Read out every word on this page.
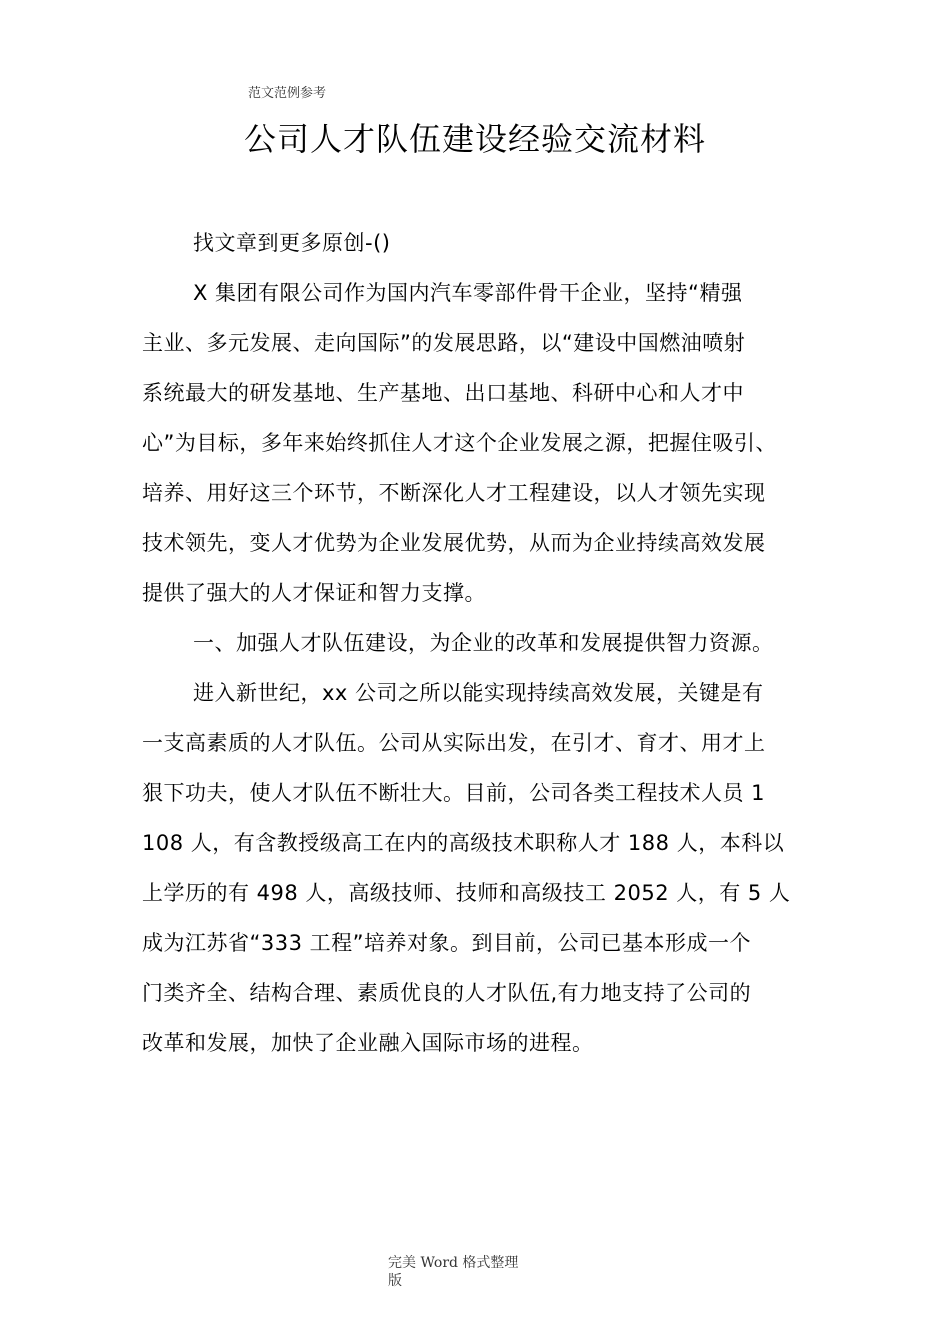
范文范例参考
公司人才队伍建设经验交流材料
找文章到更多原创-()
X 集团有限公司作为国内汽车零部件骨干企业，坚持“精强
主业、多元发展、走向国际”的发展思路，以“建设中国燃油喷射
系统最大的研发基地、生产基地、出口基地、科研中心和人才中
心”为目标，多年来始终抓住人才这个企业发展之源，把握住吸引、
培养、用好这三个环节，不断深化人才工程建设，以人才领先实现
技术领先，变人才优势为企业发展优势，从而为企业持续高效发展
提供了强大的人才保证和智力支撑。
一、加强人才队伍建设，为企业的改革和发展提供智力资源。
进入新世纪，xx 公司之所以能实现持续高效发展，关键是有
一支高素质的人才队伍。公司从实际出发，在引才、育才、用才上
狠下功夫，使人才队伍不断壮大。目前，公司各类工程技术人员 1
108 人，有含教授级高工在内的高级技术职称人才 188 人，本科以
上学历的有 498 人，高级技师、技师和高级技工 2052 人，有 5 人
成为江苏省“333 工程”培养对象。到目前，公司已基本形成一个
门类齐全、结构合理、素质优良的人才队伍,有力地支持了公司的
改革和发展，加快了企业融入国际市场的进程。
完美 Word 格式整理
版
